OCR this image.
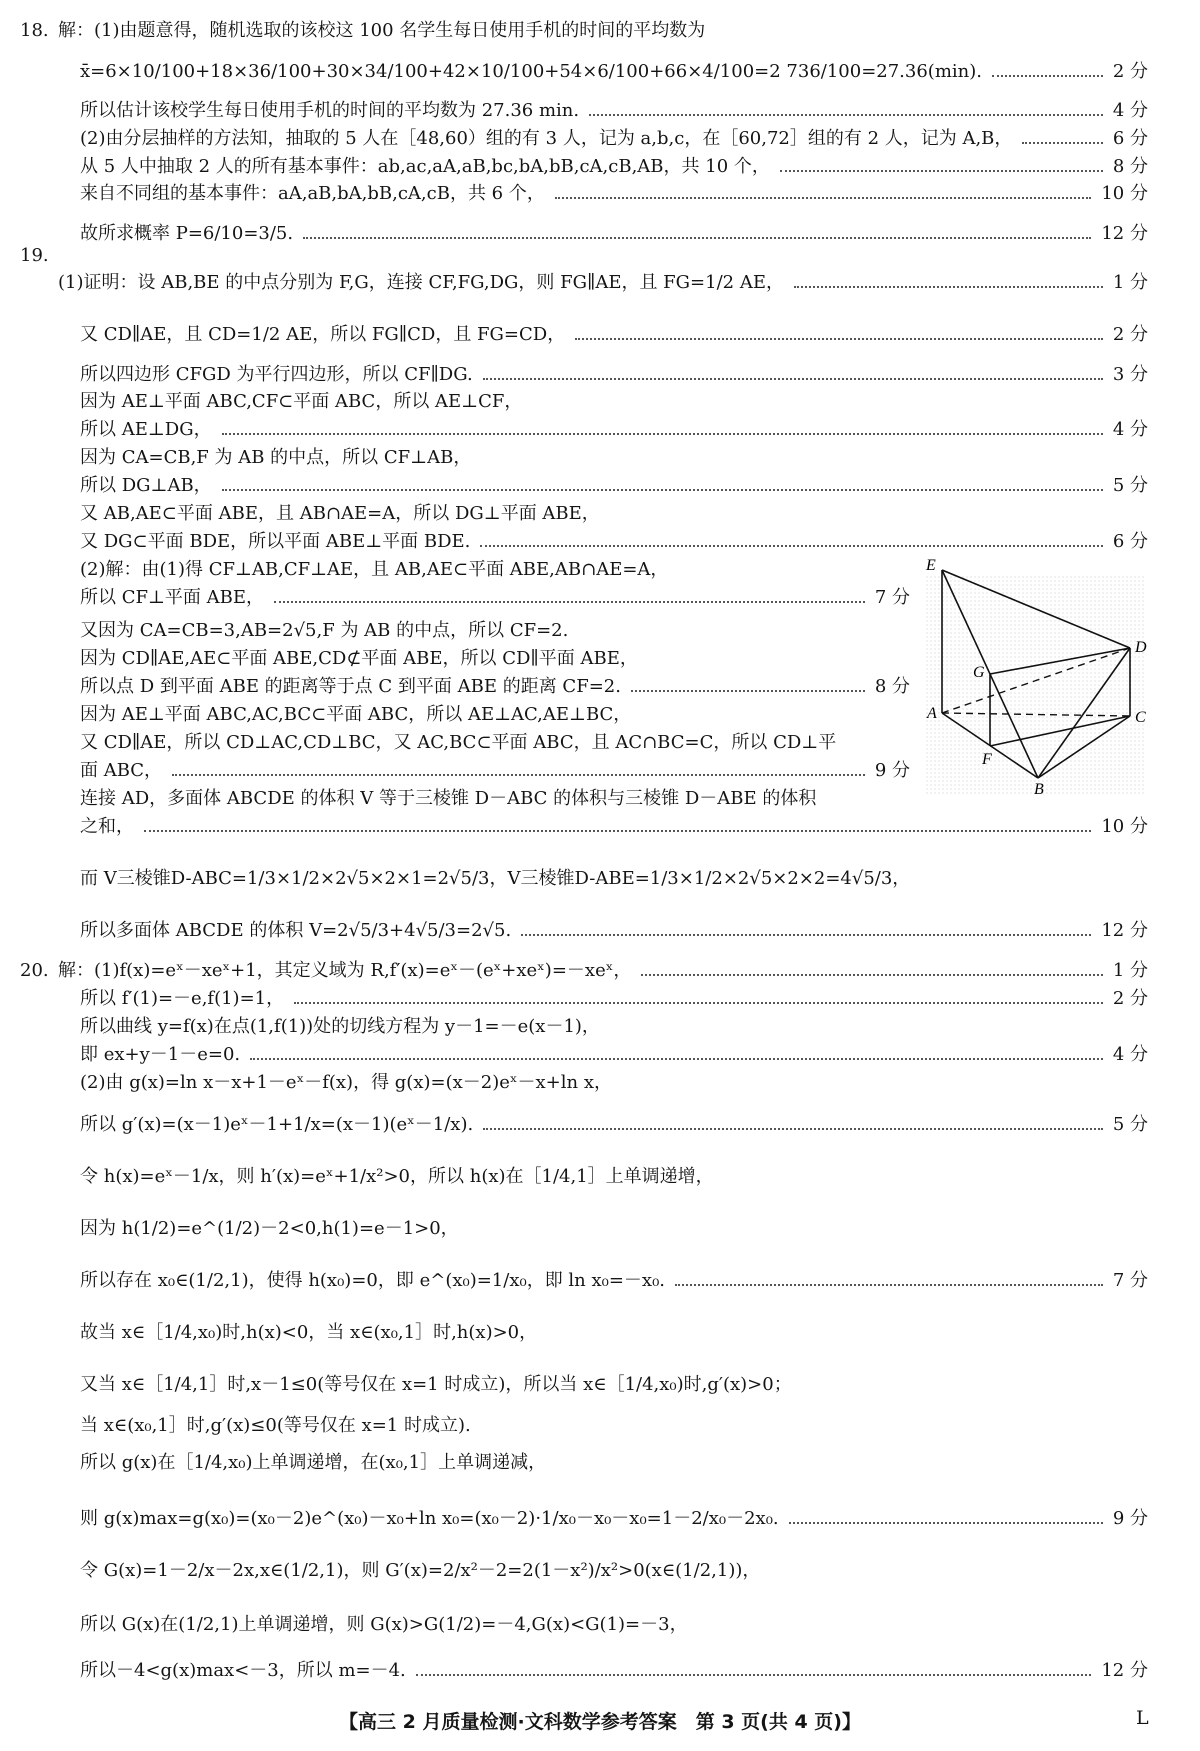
18.
19.
20.
解：(1)由题意得，随机选取的该校这 100 名学生每日使用手机的时间的平均数为
x̄=6×10/100+18×36/100+30×34/100+42×10/100+54×6/100+66×4/100=2 736/100=27.36(min).	2 分
所以估计该校学生每日使用手机的时间的平均数为 27.36 min.	4 分
(2)由分层抽样的方法知，抽取的 5 人在［48,60）组的有 3 人，记为 a,b,c，在［60,72］组的有 2 人，记为 A,B，	6 分
从 5 人中抽取 2 人的所有基本事件：ab,ac,aA,aB,bc,bA,bB,cA,cB,AB，共 10 个，	8 分
来自不同组的基本事件：aA,aB,bA,bB,cA,cB，共 6 个，	10 分
故所求概率 P=6/10=3/5.	12 分
(1)证明：设 AB,BE 的中点分别为 F,G，连接 CF,FG,DG，则 FG∥AE，且 FG=1/2 AE，	1 分
又 CD∥AE，且 CD=1/2 AE，所以 FG∥CD，且 FG=CD，	2 分
所以四边形 CFGD 为平行四边形，所以 CF∥DG.	3 分
因为 AE⊥平面 ABC,CF⊂平面 ABC，所以 AE⊥CF，
所以 AE⊥DG，	4 分
因为 CA=CB,F 为 AB 的中点，所以 CF⊥AB，
所以 DG⊥AB，	5 分
又 AB,AE⊂平面 ABE，且 AB∩AE=A，所以 DG⊥平面 ABE，
又 DG⊂平面 BDE，所以平面 ABE⊥平面 BDE.	6 分
(2)解：由(1)得 CF⊥AB,CF⊥AE，且 AB,AE⊂平面 ABE,AB∩AE=A，
所以 CF⊥平面 ABE，	7 分
又因为 CA=CB=3,AB=2√5,F 为 AB 的中点，所以 CF=2.
因为 CD∥AE,AE⊂平面 ABE,CD⊄平面 ABE，所以 CD∥平面 ABE，
所以点 D 到平面 ABE 的距离等于点 C 到平面 ABE 的距离 CF=2.	8 分
因为 AE⊥平面 ABC,AC,BC⊂平面 ABC，所以 AE⊥AC,AE⊥BC，
又 CD∥AE，所以 CD⊥AC,CD⊥BC，又 AC,BC⊂平面 ABC，且 AC∩BC=C，所以 CD⊥平
面 ABC，	9 分
连接 AD，多面体 ABCDE 的体积 V 等于三棱锥 D－ABC 的体积与三棱锥 D－ABE 的体积
之和，	10 分
而 V三棱锥D-ABC=1/3×1/2×2√5×2×1=2√5/3，V三棱锥D-ABE=1/3×1/2×2√5×2×2=4√5/3，
所以多面体 ABCDE 的体积 V=2√5/3+4√5/3=2√5.	12 分
E
D
G
A	C
F
B
解：(1)f(x)=eˣ－xeˣ+1，其定义域为 R,f′(x)=eˣ－(eˣ+xeˣ)=－xeˣ，	1 分
所以 f′(1)=－e,f(1)=1，	2 分
所以曲线 y=f(x)在点(1,f(1))处的切线方程为 y－1=－e(x－1)，
即 ex+y－1－e=0.	4 分
(2)由 g(x)=ln x－x+1－eˣ－f(x)，得 g(x)=(x－2)eˣ－x+ln x，
所以 g′(x)=(x－1)eˣ－1+1/x=(x－1)(eˣ－1/x).	5 分
令 h(x)=eˣ－1/x，则 h′(x)=eˣ+1/x²>0，所以 h(x)在［1/4,1］上单调递增，
因为 h(1/2)=e^(1/2)－2<0,h(1)=e－1>0，
所以存在 x₀∈(1/2,1)，使得 h(x₀)=0，即 e^(x₀)=1/x₀，即 ln x₀=－x₀.	7 分
故当 x∈［1/4,x₀)时,h(x)<0，当 x∈(x₀,1］时,h(x)>0，
又当 x∈［1/4,1］时,x－1≤0(等号仅在 x=1 时成立)，所以当 x∈［1/4,x₀)时,g′(x)>0；
当 x∈(x₀,1］时,g′(x)≤0(等号仅在 x=1 时成立).
所以 g(x)在［1/4,x₀)上单调递增，在(x₀,1］上单调递减，
则 g(x)max=g(x₀)=(x₀－2)e^(x₀)－x₀+ln x₀=(x₀－2)·1/x₀－x₀－x₀=1－2/x₀－2x₀.	9 分
令 G(x)=1－2/x－2x,x∈(1/2,1)，则 G′(x)=2/x²－2=2(1－x²)/x²>0(x∈(1/2,1))，
所以 G(x)在(1/2,1)上单调递增，则 G(x)>G(1/2)=－4,G(x)<G(1)=－3，
所以－4<g(x)max<－3，所以 m=－4.	12 分
【高三 2 月质量检测·文科数学参考答案　第 3 页(共 4 页)】	L
